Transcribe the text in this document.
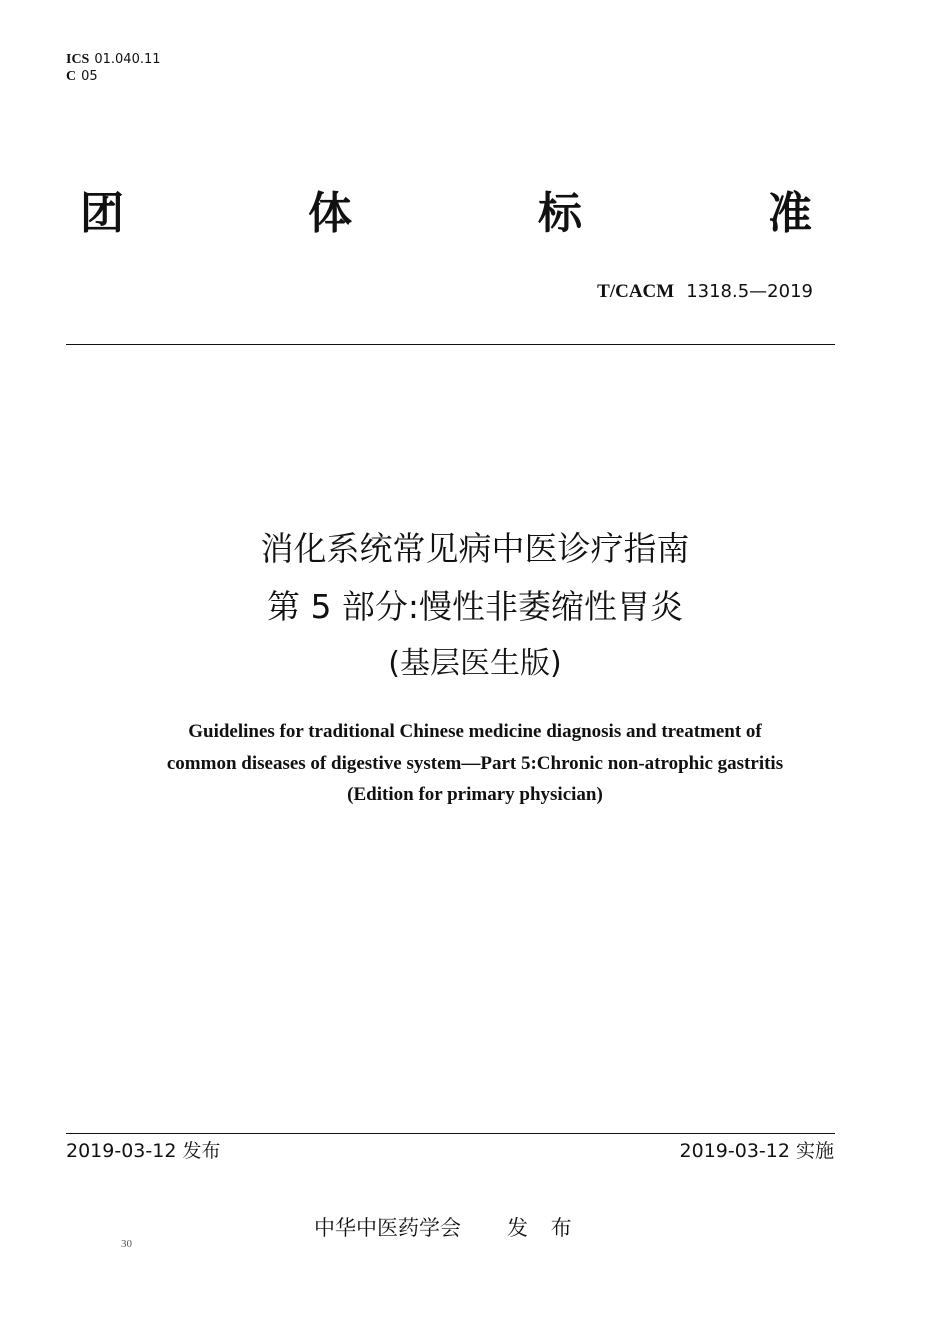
ICS 01.040.11
C 05
团	体	标	准
T/CACM 1318.5—2019
消化系统常见病中医诊疗指南
第 5 部分:慢性非萎缩性胃炎
(基层医生版)
Guidelines for traditional Chinese medicine diagnosis and treatment of
common diseases of digestive system—Part 5:Chronic non-atrophic gastritis
(Edition for primary physician)
2019-03-12 发布	2019-03-12 实施
中华中医药学会 发 布
30
